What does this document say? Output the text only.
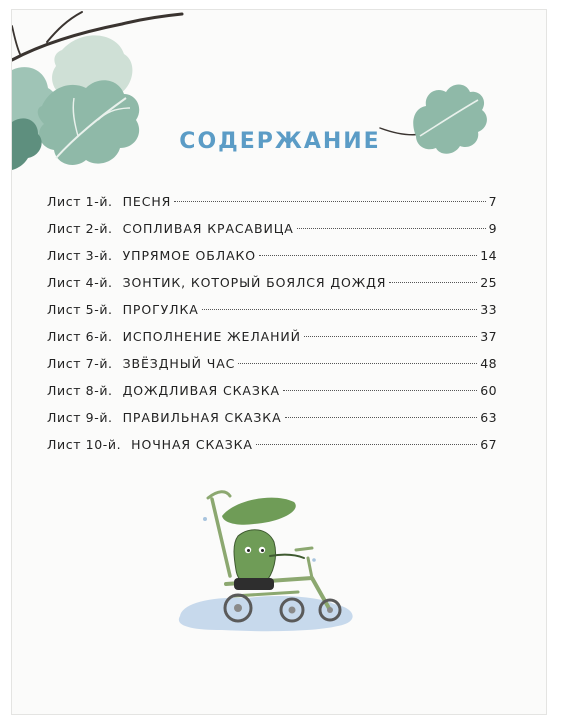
СОДЕРЖАНИЕ
Лист 1-й. ПЕСНЯ	7
Лист 2-й. СОПЛИВАЯ КРАСАВИЦА	9
Лист 3-й. УПРЯМОЕ ОБЛАКО	14
Лист 4-й. ЗОНТИК, КОТОРЫЙ БОЯЛСЯ ДОЖДЯ	25
Лист 5-й. ПРОГУЛКА	33
Лист 6-й. ИСПОЛНЕНИЕ ЖЕЛАНИЙ	37
Лист 7-й. ЗВЁЗДНЫЙ ЧАС	48
Лист 8-й. ДОЖДЛИВАЯ СКАЗКА	60
Лист 9-й. ПРАВИЛЬНАЯ СКАЗКА	63
Лист 10-й. НОЧНАЯ СКАЗКА	67
